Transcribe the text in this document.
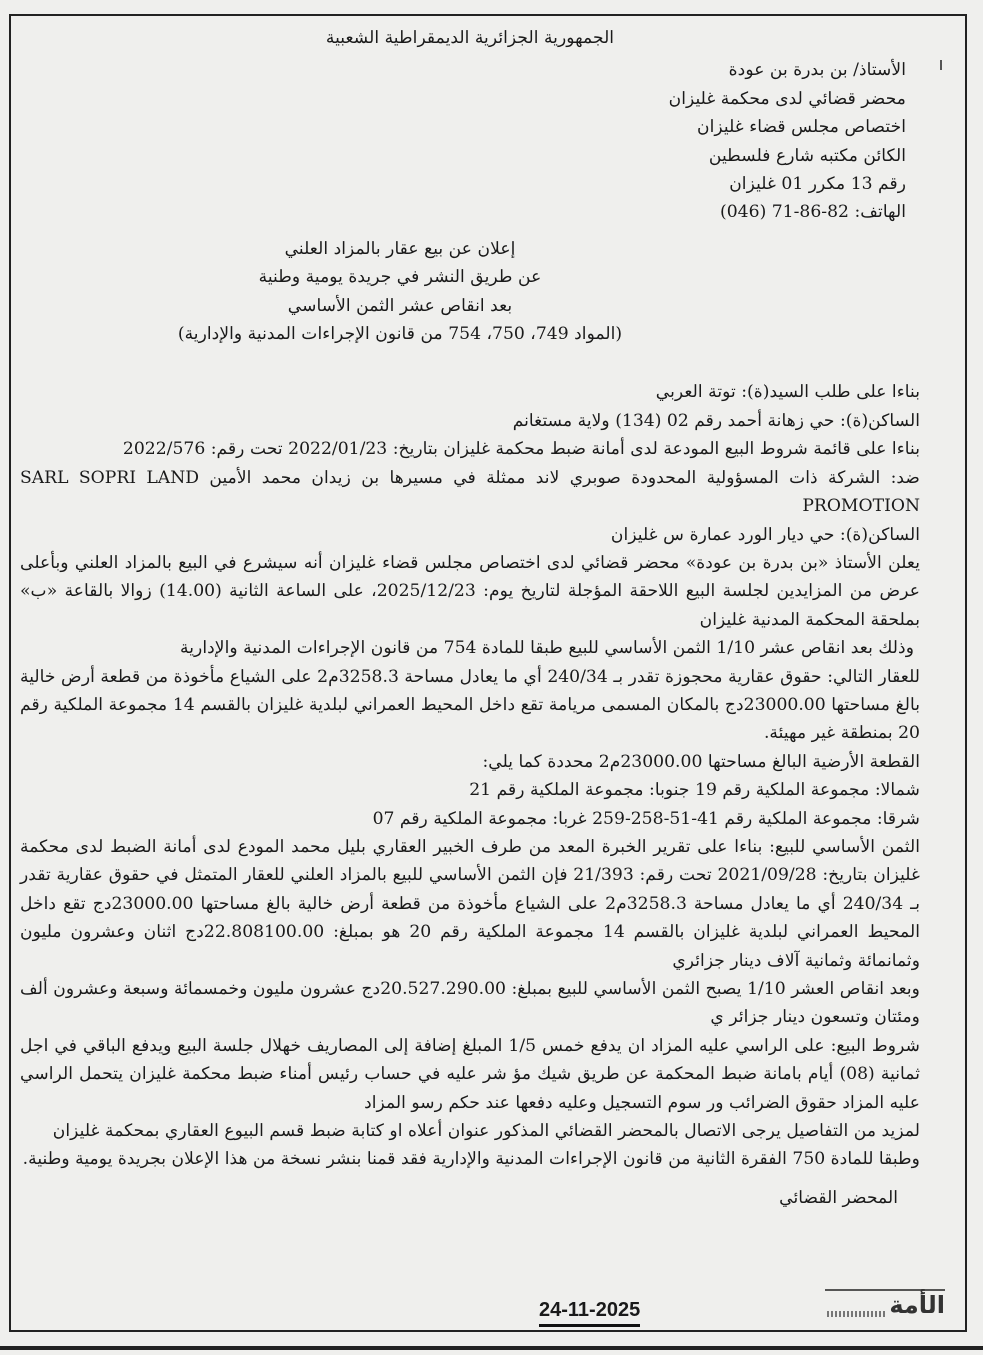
الجمهورية الجزائرية الديمقراطية الشعبية
الأستاذ/ بن بدرة بن عودة
محضر قضائي لدى محكمة غليزان
اختصاص مجلس قضاء غليزان
الكائن مكتبه شارع فلسطين
رقم 13 مكرر 01 غليزان
الهاتف: 82-86-71 (046)
إعلان عن بيع عقار بالمزاد العلني
عن طريق النشر في جريدة يومية وطنية
بعد انقاص عشر الثمن الأساسي
(المواد 749، 750، 754 من قانون الإجراءات المدنية والإدارية)

بناءا على طلب السيد(ة): توتة العربي

الساكن(ة): حي زهانة أحمد رقم 02 (134) ولاية مستغانم

بناءا على قائمة شروط البيع المودعة لدى أمانة ضبط محكمة غليزان بتاريخ: 2022/01/23 تحت رقم: 2022/576

ضد: الشركة ذات المسؤولية المحدودة صوبري لاند ممثلة في مسيرها بن زيدان محمد الأمين SARL SOPRI LAND PROMOTION

الساكن(ة): حي ديار الورد عمارة س غليزان

يعلن الأستاذ «بن بدرة بن عودة» محضر قضائي لدى اختصاص مجلس قضاء غليزان أنه سيشرع في البيع بالمزاد العلني وبأعلى عرض من المزايدين لجلسة البيع اللاحقة المؤجلة لتاريخ يوم: 2025/12/23، على الساعة الثانية (14.00) زوالا بالقاعة «ب» بملحقة المحكمة المدنية غليزان

وذلك بعد انقاص عشر 1/10 الثمن الأساسي للبيع طبقا للمادة 754 من قانون الإجراءات المدنية والإدارية

للعقار التالي: حقوق عقارية محجوزة تقدر بـ 240/34 أي ما يعادل مساحة 3258.3م2 على الشياع مأخوذة من قطعة أرض خالية بالغ مساحتها 23000.00دج بالمكان المسمى مريامة تقع داخل المحيط العمراني لبلدية غليزان بالقسم 14 مجموعة الملكية رقم 20 بمنطقة غير مهيئة.

القطعة الأرضية البالغ مساحتها 23000.00م2 محددة كما يلي:

شمالا: مجموعة الملكية رقم 19 جنوبا: مجموعة الملكية رقم 21

شرقا: مجموعة الملكية رقم 41-51-258-259 غربا: مجموعة الملكية رقم 07

الثمن الأساسي للبيع: بناءا على تقرير الخبرة المعد من طرف الخبير العقاري بليل محمد المودع لدى أمانة الضبط لدى محكمة غليزان بتاريخ: 2021/09/28 تحت رقم: 21/393 فإن الثمن الأساسي للبيع بالمزاد العلني للعقار المتمثل في حقوق عقارية تقدر بـ 240/34 أي ما يعادل مساحة 3258.3م2 على الشياع مأخوذة من قطعة أرض خالية بالغ مساحتها 23000.00دج تقع داخل المحيط العمراني لبلدية غليزان بالقسم 14 مجموعة الملكية رقم 20 هو بمبلغ: 22.808100.00دج اثنان وعشرون مليون وثمانمائة وثمانية آلاف دينار جزائري

وبعد انقاص العشر 1/10 يصبح الثمن الأساسي للبيع بمبلغ: 20.527.290.00دج عشرون مليون وخمسمائة وسبعة وعشرون ألف ومئتان وتسعون دينار جزائر ي

شروط البيع: على الراسي عليه المزاد ان يدفع خمس 1/5 المبلغ إضافة إلى المصاريف خهلال جلسة البيع ويدفع الباقي في اجل ثمانية (08) أيام بامانة ضبط المحكمة عن طريق شيك مؤ شر عليه في حساب رئيس أمناء ضبط محكمة غليزان يتحمل الراسي عليه المزاد حقوق الضرائب ور سوم التسجيل وعليه دفعها عند حكم رسو المزاد

لمزيد من التفاصيل يرجى الاتصال بالمحضر القضائي المذكور عنوان أعلاه او كتابة ضبط قسم البيوع العقاري بمحكمة غليزان

وطبقا للمادة 750 الفقرة الثانية من قانون الإجراءات المدنية والإدارية فقد قمنا بنشر نسخة من هذا الإعلان بجريدة يومية وطنية.

المحضر القضائي
24-11-2025	الأمة
